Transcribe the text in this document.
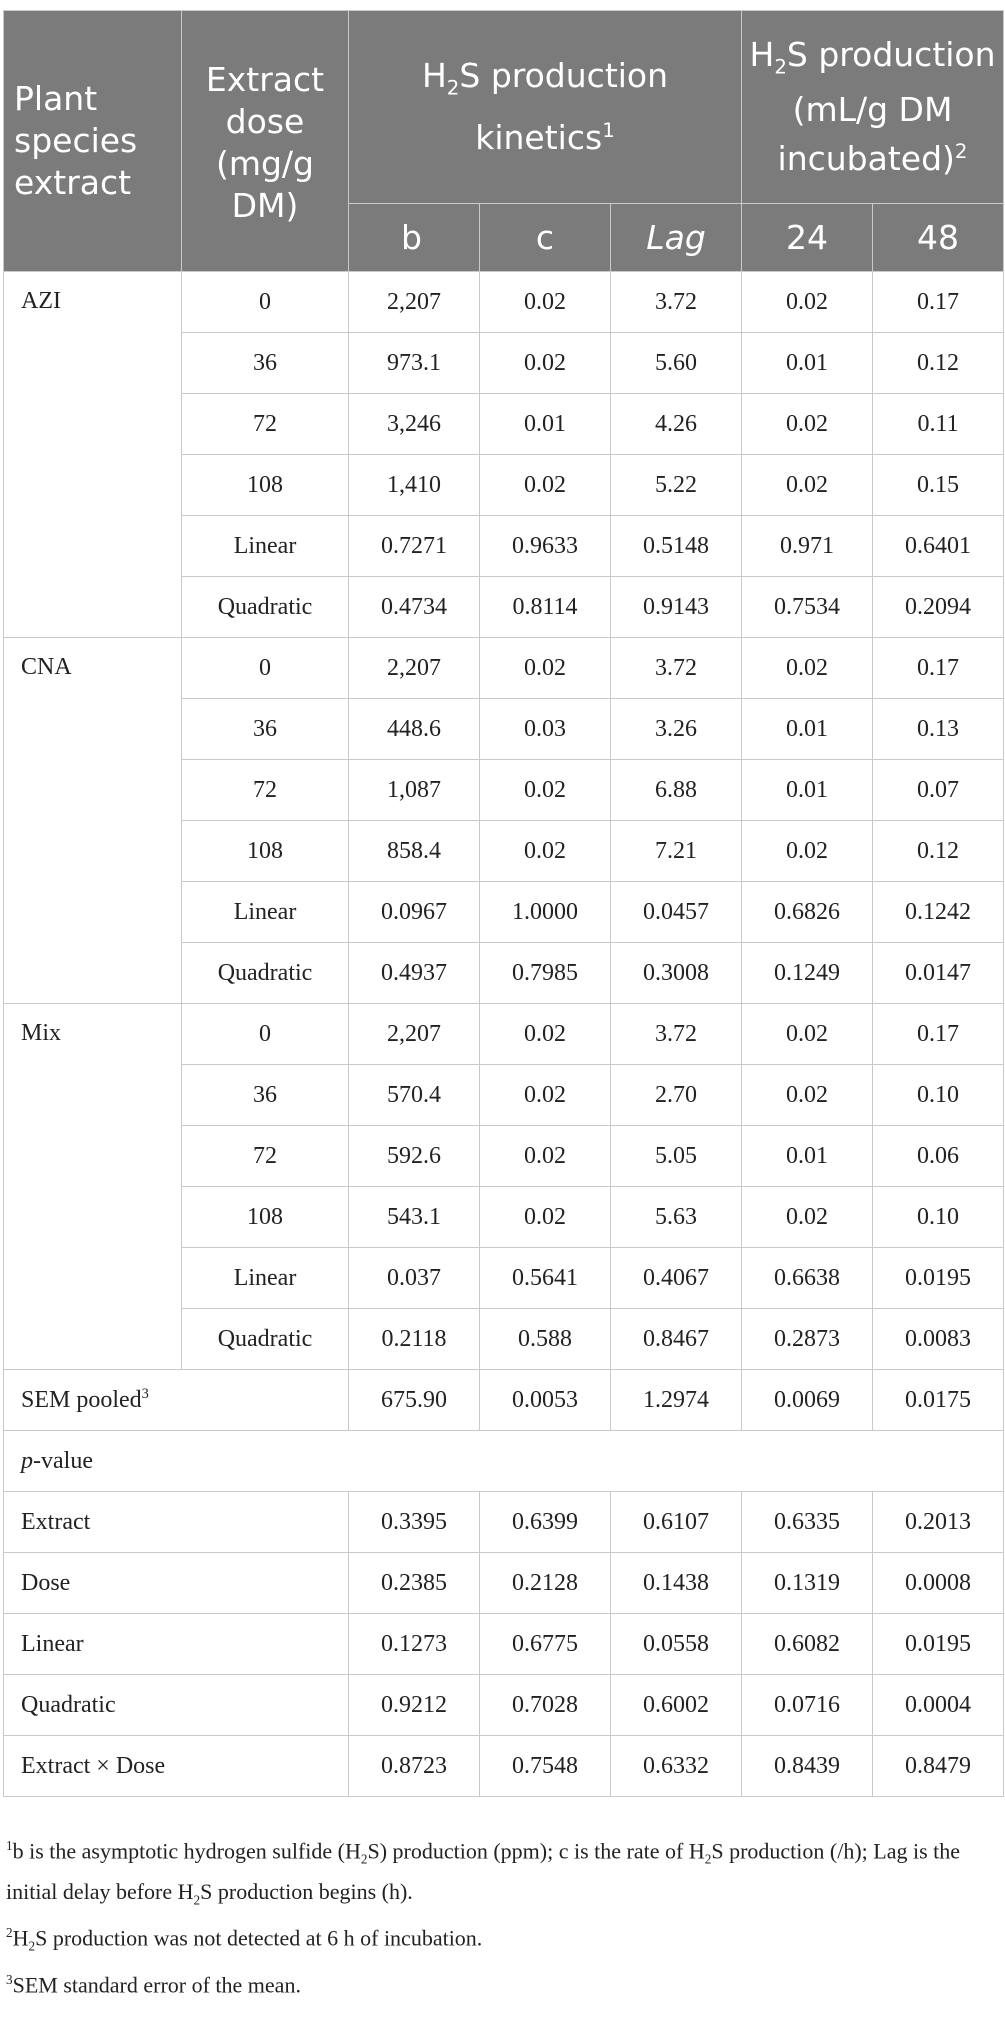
Plant species extract	Extract dose (mg/g DM)	$H_2S$ production kinetics$^1$			$H_2S$ production (mL/g DM incubated)$^2$
		b	c	Lag	24	48
AZI	0	2,207	0.02	3.72	0.02	0.17
	36	973.1	0.02	5.60	0.01	0.12
	72	3,246	0.01	4.26	0.02	0.11
	108	1,410	0.02	5.22	0.02	0.15
	Linear	0.7271	0.9633	0.5148	0.971	0.6401
	Quadratic	0.4734	0.8114	0.9143	0.7534	0.2094
CNA	0	2,207	0.02	3.72	0.02	0.17
	36	448.6	0.03	3.26	0.01	0.13
	72	1,087	0.02	6.88	0.01	0.07
	108	858.4	0.02	7.21	0.02	0.12
	Linear	0.0967	1.0000	0.0457	0.6826	0.1242
	Quadratic	0.4937	0.7985	0.3008	0.1249	0.0147
Mix	0	2,207	0.02	3.72	0.02	0.17
	36	570.4	0.02	2.70	0.02	0.10
	72	592.6	0.02	5.05	0.01	0.06
	108	543.1	0.02	5.63	0.02	0.10
	Linear	0.037	0.5641	0.4067	0.6638	0.0195
	Quadratic	0.2118	0.588	0.8467	0.2873	0.0083
SEM pooled$^3$		675.90	0.0053	1.2974	0.0069	0.0175
p-value						
Extract		0.3395	0.6399	0.6107	0.6335	0.2013
Dose		0.2385	0.2128	0.1438	0.1319	0.0008
Linear		0.1273	0.6775	0.0558	0.6082	0.0195
Quadratic		0.9212	0.7028	0.6002	0.0716	0.0004
Extract × Dose		0.8723	0.7548	0.6332	0.8439	0.8479

$^1$b is the asymptotic hydrogen sulfide $(H_2S)$ production (ppm); c is the rate of $H_2S$ production (/h); Lag is the initial delay before $H_2S$ production begins (h).

$^2H_2S$ production was not detected at 6 h of incubation.

$^3$SEM standard error of the mean.
